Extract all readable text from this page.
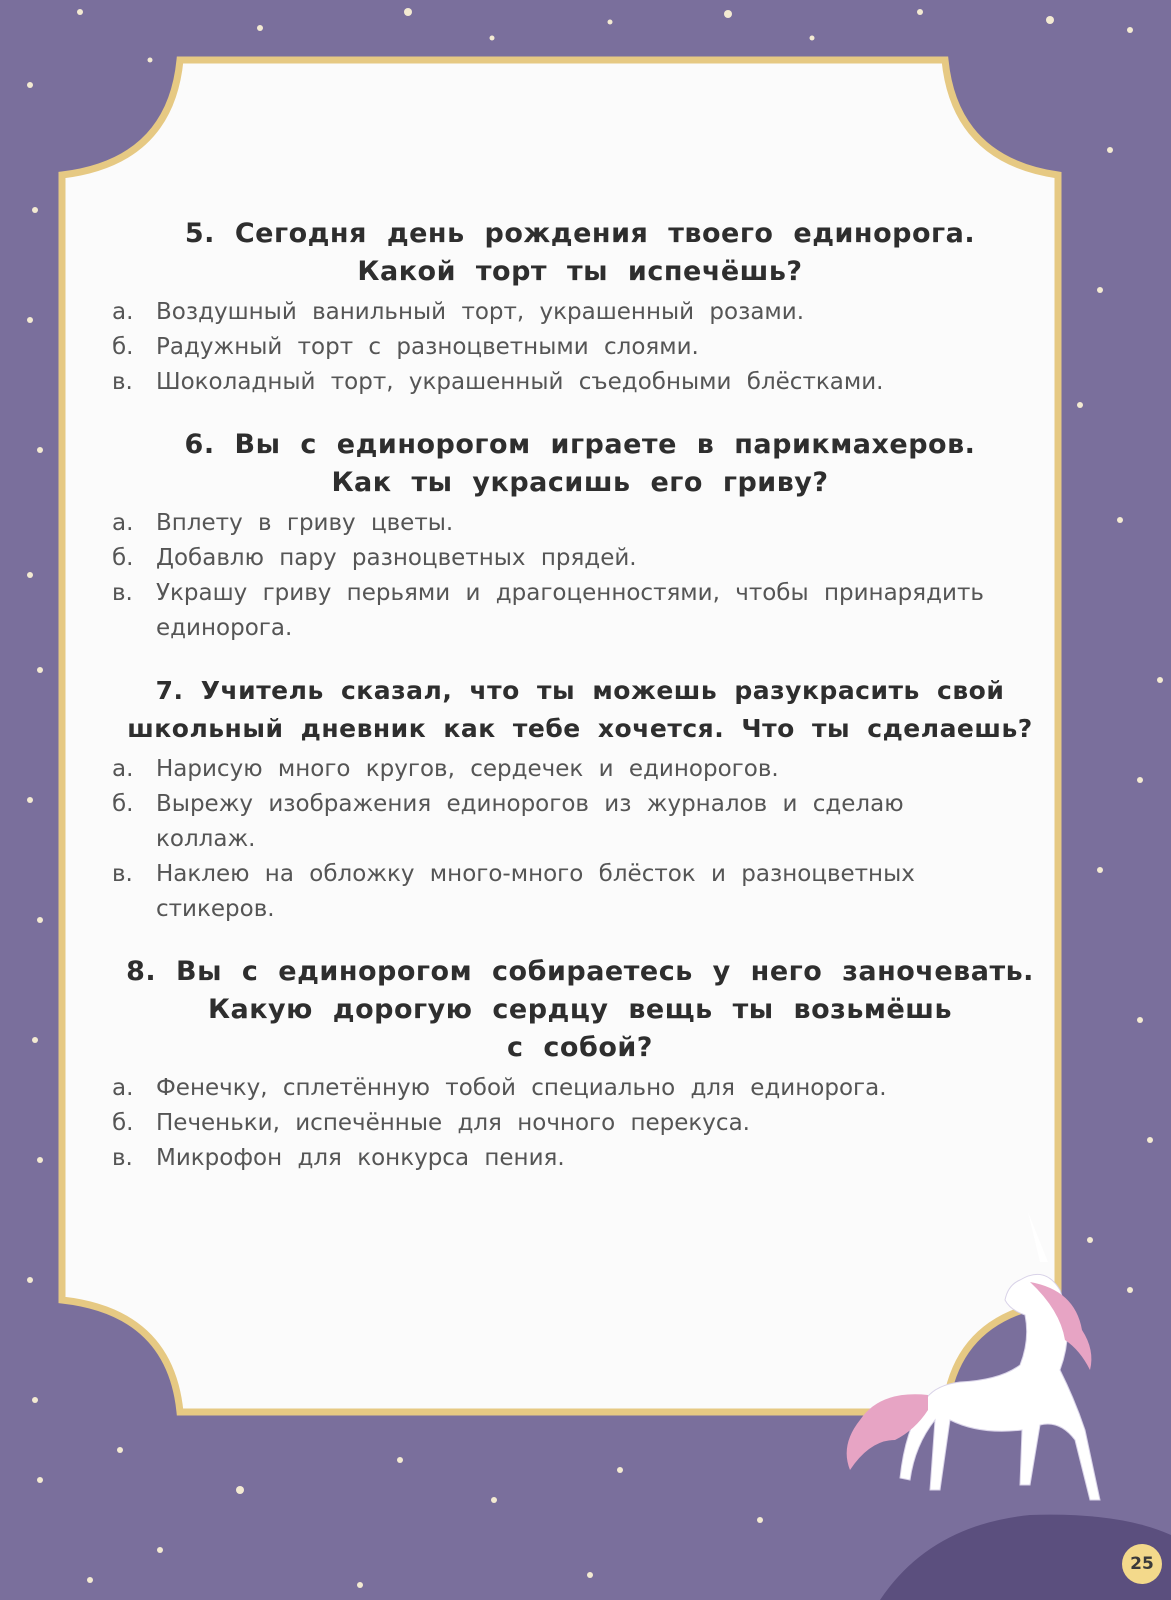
5. Сегодня день рождения твоего единорога.
Какой торт ты испечёшь?
а. Воздушный ванильный торт, украшенный розами.
б. Радужный торт с разноцветными слоями.
в.	Шоколадный торт, украшенный съедобными блёстками.
6. Вы с единорогом играете в парикмахеров.
Как ты украсишь его гриву?
а. Вплету в гриву цветы.
б. Добавлю пару разноцветных прядей.
в.	Украшу гриву перьями и драгоценностями, чтобы принарядить единорога.
7. Учитель сказал, что ты можешь разукрасить свой
школьный дневник как тебе хочется. Что ты сделаешь?
а. Нарисую много кругов, сердечек и единорогов.
б. Вырежу изображения единорогов из журналов и сделаю коллаж.
в.	Наклею на обложку много-много блёсток и разноцветных стикеров.
8. Вы с единорогом собираетесь у него заночевать.
Какую дорогую сердцу вещь ты возьмёшь
с собой?
а. Фенечку, сплетённую тобой специально для единорога.
б. Печеньки, испечённые для ночного перекуса.
в.	Микрофон для конкурса пения.
25
